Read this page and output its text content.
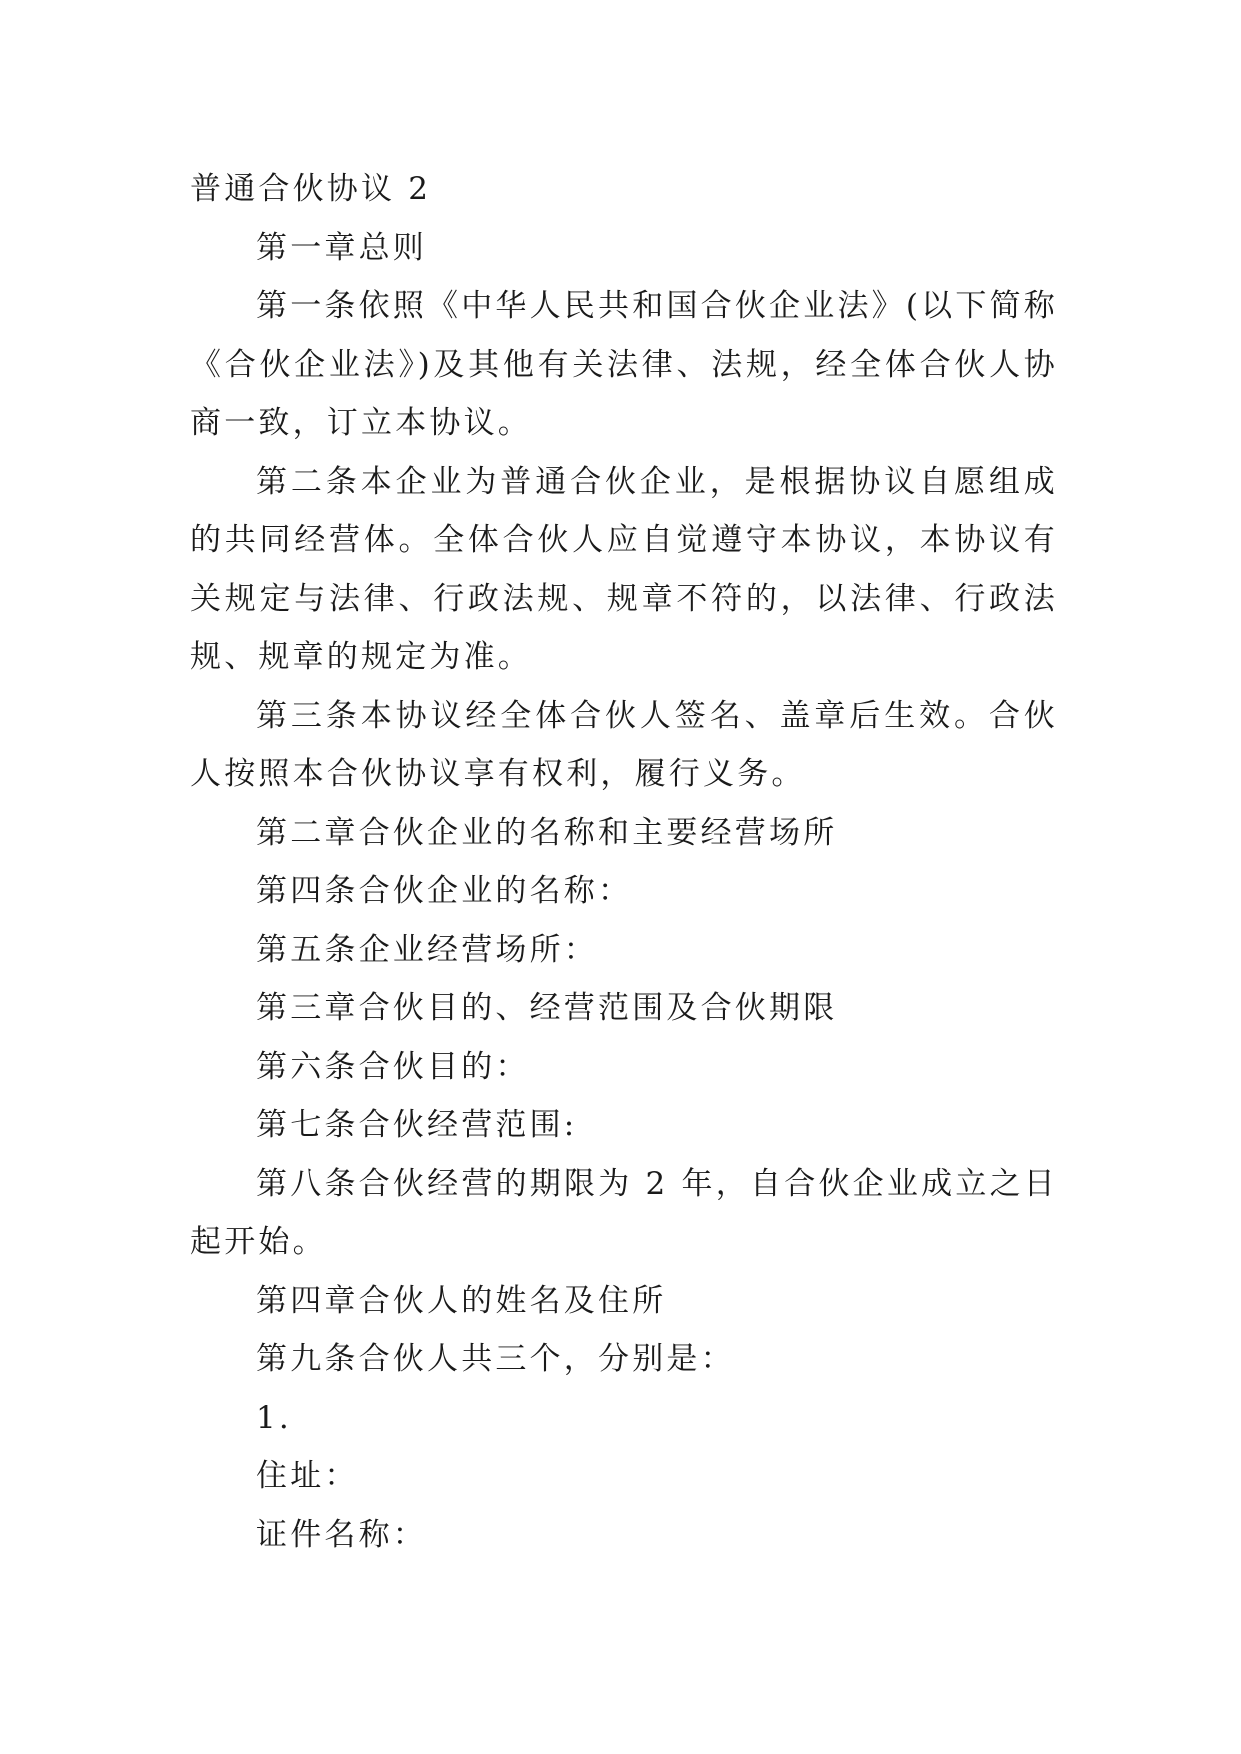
普通合伙协议 2

第一章总则

第一条依照《中华人民共和国合伙企业法》(以下简称《合伙企业法》)及其他有关法律、法规，经全体合伙人协商一致，订立本协议。

第二条本企业为普通合伙企业，是根据协议自愿组成的共同经营体。全体合伙人应自觉遵守本协议，本协议有关规定与法律、行政法规、规章不符的，以法律、行政法规、规章的规定为准。

第三条本协议经全体合伙人签名、盖章后生效。合伙人按照本合伙协议享有权利，履行义务。

第二章合伙企业的名称和主要经营场所

第四条合伙企业的名称：

第五条企业经营场所：

第三章合伙目的、经营范围及合伙期限

第六条合伙目的：

第七条合伙经营范围:

第八条合伙经营的期限为 2 年，自合伙企业成立之日起开始。

第四章合伙人的姓名及住所

第九条合伙人共三个，分别是：

1.

住址：

证件名称：
